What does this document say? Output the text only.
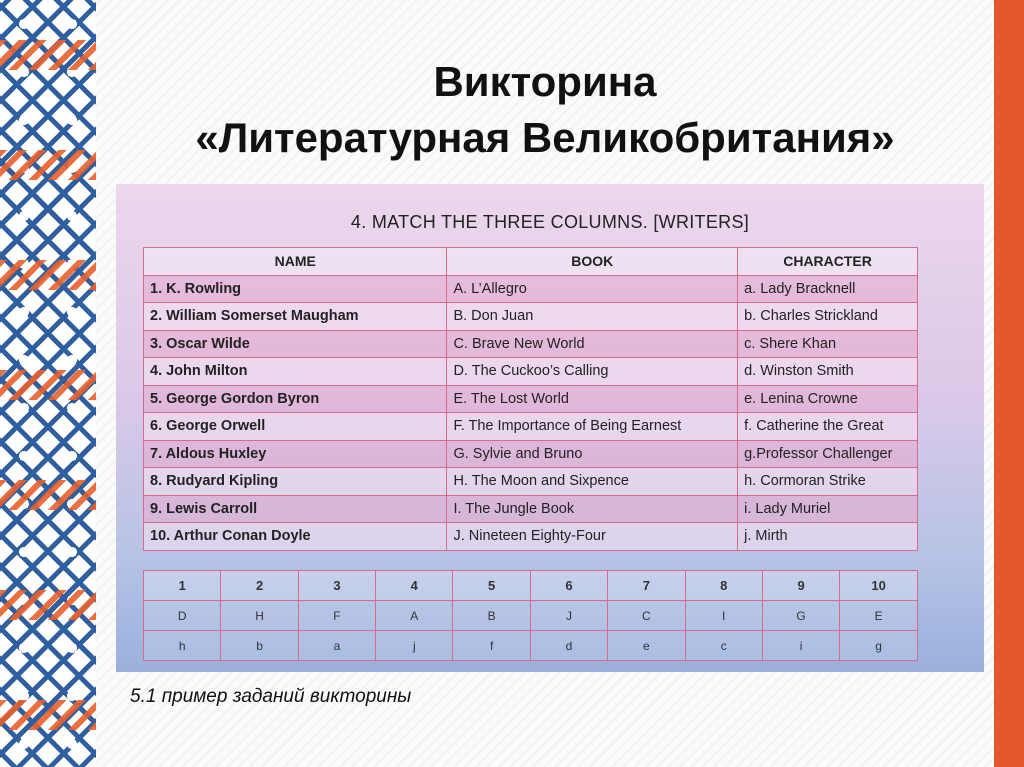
Викторина
«Литературная Великобритания»
4. MATCH THE THREE COLUMNS. [WRITERS]
NAME	BOOK	CHARACTER
1. K. Rowling	A. L’Allegro	a. Lady Bracknell
2. William Somerset Maugham	B. Don Juan	b. Charles Strickland
3. Oscar Wilde	C. Brave New World	c. Shere Khan
4. John Milton	D. The Cuckoo’s Calling	d. Winston Smith
5. George Gordon Byron	E. The Lost World	e. Lenina Crowne
6. George Orwell	F. The Importance of Being Earnest	f. Catherine the Great
7. Aldous Huxley	G. Sylvie and Bruno	g.Professor Challenger
8. Rudyard Kipling	H. The Moon and Sixpence	h. Cormoran Strike
9. Lewis Carroll	I. The Jungle Book	i. Lady Muriel
10. Arthur Conan Doyle	J. Nineteen Eighty-Four	j. Mirth
1	2	3	4	5	6	7	8	9	10
D	H	F	A	B	J	C	I	G	E
h	b	a	j	f	d	e	c	i	g
5.1 пример заданий викторины
